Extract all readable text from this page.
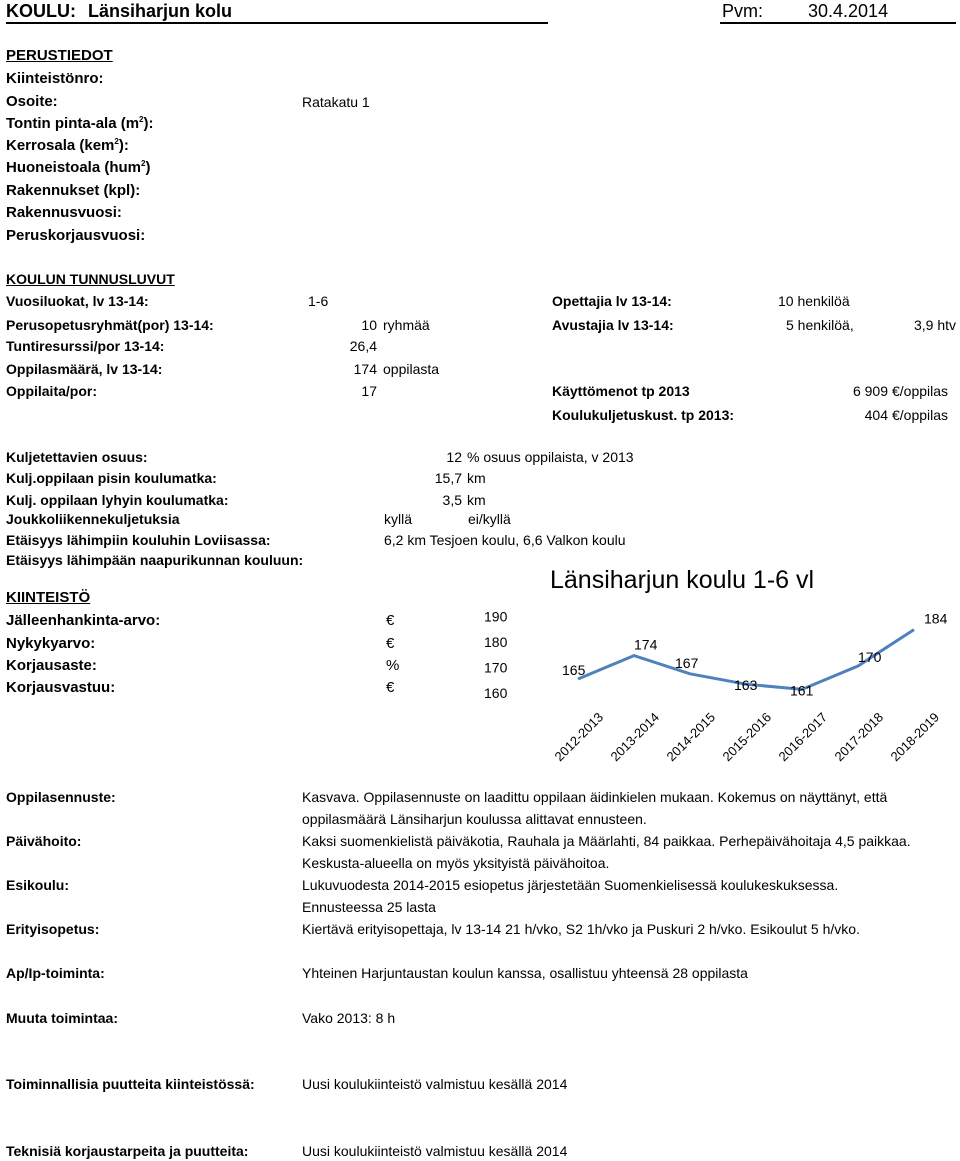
KOULU: Länsiharjun kolu	Pvm: 30.4.2014
PERUSTIEDOT
Kiinteistönro:
Osoite:	Ratakatu 1
Tontin pinta-ala $(m^2)$:
Kerrosala (kem$^2$):
Huoneistoala (hum$^2$)
Rakennukset (kpl):
Rakennusvuosi:
Peruskorjausvuosi:
KOULUN TUNNUSLUVUT
Vuosiluokat, lv 13-14:	1-6
Perusopetusryhmät(por) 13-14:	10 ryhmää
Tuntiresurssi/por 13-14:	26,4
Oppilasmäärä, lv 13-14:	174 oppilasta
Oppilaita/por:	17
Opettajia lv 13-14:	10 henkilöä
Avustajia lv 13-14:	5 henkilöä,	3,9 htv
Käyttömenot tp 2013	6 909 €/oppilas
Koulukuljetuskust. tp 2013:	404 €/oppilas
Kuljetettavien osuus:	12 % osuus oppilaista, v 2013
Kulj.oppilaan pisin koulumatka:	15,7 km
Kulj. oppilaan lyhyin koulumatka:	3,5 km
Joukkoliikennekuljetuksia	kyllä	ei/kyllä
Etäisyys lähimpiin kouluhin Loviisassa:	6,2 km Tesjoen koulu, 6,6 Valkon koulu
Etäisyys lähimpään naapurikunnan kouluun:
KIINTEISTÖ
Jälleenhankinta-arvo:	€
Nykykyarvo:	€
Korjausaste:	%
Korjausvastuu:	€
Länsiharjun koulu 1-6 vl
160
170
180
190
2012-2013 2013-2014 2014-2015 2015-2016 2016-2017 2017-2018 2018-2019
165
174
167
163 161
170
184
Oppilasennuste:	Kasvava. Oppilasennuste on laadittu oppilaan äidinkielen mukaan. Kokemus on näyttänyt, että
oppilasmäärä Länsiharjun koulussa alittavat ennusteen.
Päivähoito:	Kaksi suomenkielistä päiväkotia, Rauhala ja Määrlahti, 84 paikkaa. Perhepäivähoitaja 4,5 paikkaa.
Keskusta-alueella on myös yksityistä päivähoitoa.
Esikoulu:	Lukuvuodesta 2014-2015 esiopetus järjestetään Suomenkielisessä koulukeskuksessa.
Ennusteessa 25 lasta
Erityisopetus:	Kiertävä erityisopettaja, lv 13-14 21 h/vko, S2 1h/vko ja Puskuri 2 h/vko. Esikoulut 5 h/vko.
Ap/Ip-toiminta:	Yhteinen Harjuntaustan koulun kanssa, osallistuu yhteensä 28 oppilasta
Muuta toimintaa:	Vako 2013: 8 h
Toiminnallisia puutteita kiinteistössä:	Uusi koulukiinteistö valmistuu kesällä 2014
Teknisiä korjaustarpeita ja puutteita:	Uusi koulukiinteistö valmistuu kesällä 2014
